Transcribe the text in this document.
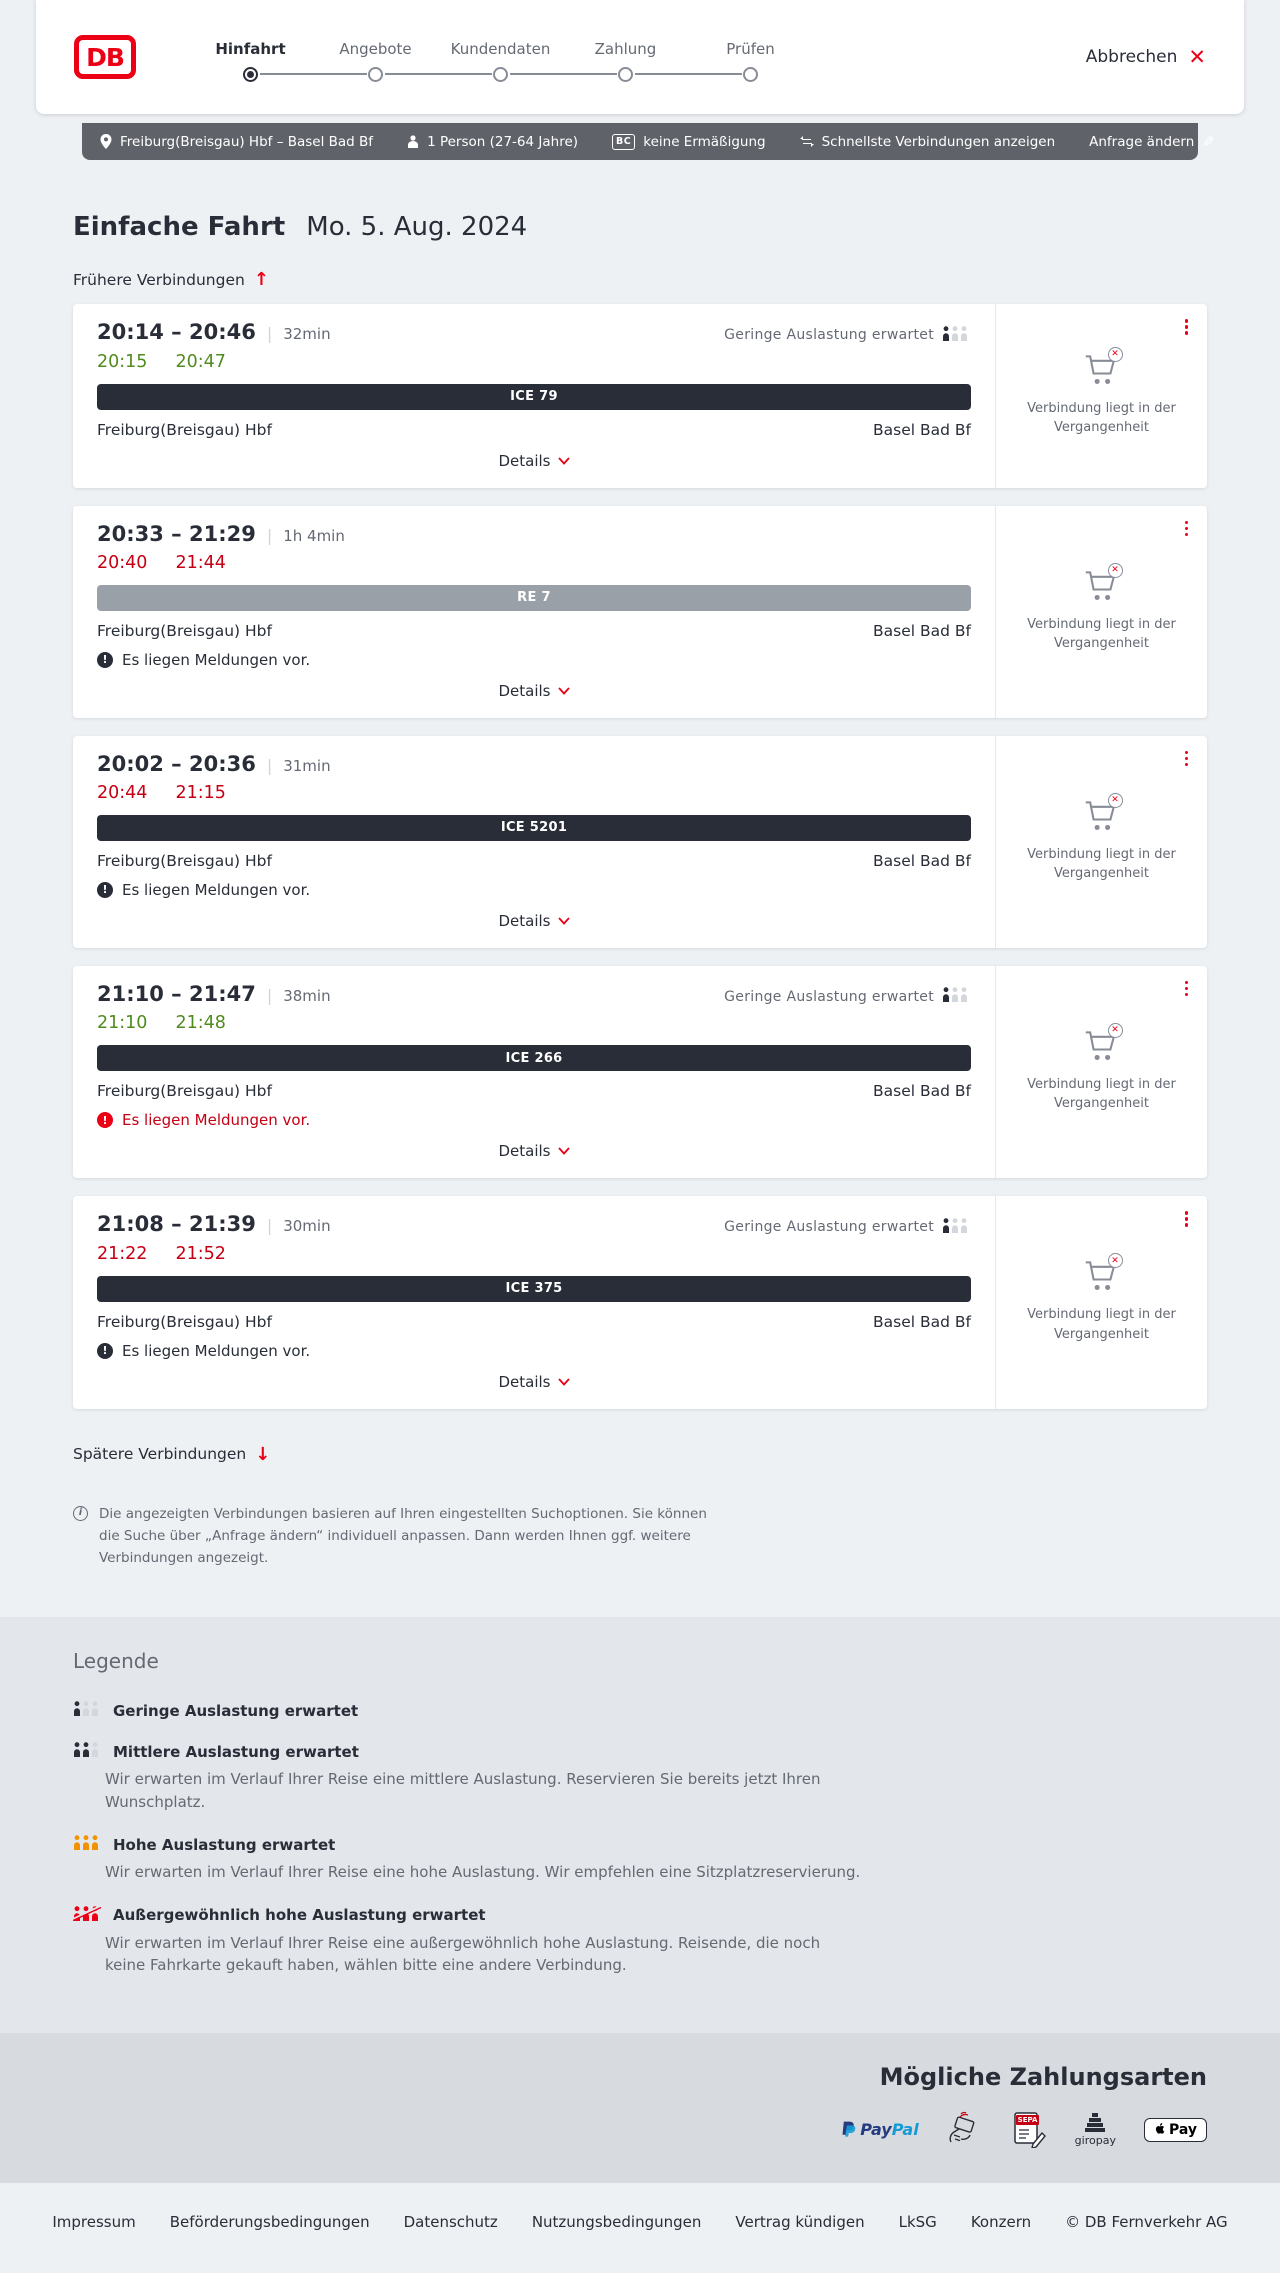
DB	Hinfahrt	Angebote	Kundendaten	Zahlung	Prüfen	Abbrechen ✕
Freiburg(Breisgau) Hbf – Basel Bad Bf	1 Person (27-64 Jahre)	BC keine Ermäßigung	Schnellste Verbindungen anzeigen	Anfrage ändern ✎
Einfache Fahrt Mo. 5. Aug. 2024
Frühere Verbindungen ↑
20:14 – 20:46 | 32min	Geringe Auslastung erwartet
20:15 20:47
ICE 79
Freiburg(Breisgau) Hbf	Basel Bad Bf
Details
✕
Verbindung liegt in der Vergangenheit
20:33 – 21:29 | 1h 4min
20:40 21:44
RE 7
Freiburg(Breisgau) Hbf	Basel Bad Bf
! Es liegen Meldungen vor.
Details
✕
Verbindung liegt in der Vergangenheit
20:02 – 20:36 | 31min
20:44 21:15
ICE 5201
Freiburg(Breisgau) Hbf	Basel Bad Bf
! Es liegen Meldungen vor.
Details
✕
Verbindung liegt in der Vergangenheit
21:10 – 21:47 | 38min	Geringe Auslastung erwartet
21:10 21:48
ICE 266
Freiburg(Breisgau) Hbf	Basel Bad Bf
! Es liegen Meldungen vor.
Details
✕
Verbindung liegt in der Vergangenheit
21:08 – 21:39 | 30min	Geringe Auslastung erwartet
21:22 21:52
ICE 375
Freiburg(Breisgau) Hbf	Basel Bad Bf
! Es liegen Meldungen vor.
Details
✕
Verbindung liegt in der Vergangenheit
Spätere Verbindungen ↓
i	Die angezeigten Verbindungen basieren auf Ihren eingestellten Suchoptionen. Sie können die Suche über „Anfrage ändern“ individuell anpassen. Dann werden Ihnen ggf. weitere Verbindungen angezeigt.
Legende
Geringe Auslastung erwartet
Mittlere Auslastung erwartet
Wir erwarten im Verlauf Ihrer Reise eine mittlere Auslastung. Reservieren Sie bereits jetzt Ihren Wunschplatz.
Hohe Auslastung erwartet
Wir erwarten im Verlauf Ihrer Reise eine hohe Auslastung. Wir empfehlen eine Sitzplatzreservierung.
Außergewöhnlich hohe Auslastung erwartet
Wir erwarten im Verlauf Ihrer Reise eine außergewöhnlich hohe Auslastung. Reisende, die noch keine Fahrkarte gekauft haben, wählen bitte eine andere Verbindung.
Mögliche Zahlungsarten
PayPal
SEPA
giropay
Pay
Impressum Beförderungsbedingungen Datenschutz Nutzungsbedingungen Vertrag kündigen LkSG Konzern © DB Fernverkehr AG
